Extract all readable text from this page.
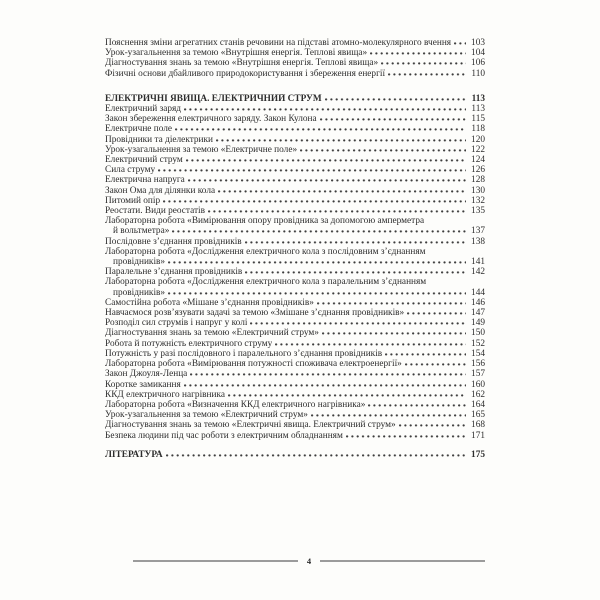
Пояснення зміни агрегатних станів речовини на підставі атомно-молекулярного вчення 103
Урок-узагальнення за темою «Внутрішня енергія. Теплові явища»	104
Діагностування знань за темою «Внутрішня енергія. Теплові явища»	106
Фізичні основи дбайливого природокористування і збереження енергії	110
ЕЛЕКТРИЧНІ ЯВИЩА. ЕЛЕКТРИЧНИЙ СТРУМ	113
Електричний заряд	113
Закон збереження електричного заряду. Закон Кулона	115
Електричне поле	118
Провідники та діелектрики	120
Урок-узагальнення за темою «Електричне поле»	122
Електричний струм	124
Сила струму	126
Електрична напруга	128
Закон Ома для ділянки кола	130
Питомий опір	132
Реостати. Види реостатів	135
Лабораторна робота «Вимірювання опору провідника за допомогою амперметра
й вольтметра»	137
Послідовне з’єднання провідників	138
Лабораторна робота «Дослідження електричного кола з послідовним з’єднанням
провідників»	141
Паралельне з’єднання провідників	142
Лабораторна робота «Дослідження електричного кола з паралельним з’єднанням
провідників»	144
Самостійна робота «Мішане з’єднання провідників»	146
Навчаємося розв’язувати задачі за темою «Змішане з’єднання провідників»	147
Розподіл сил струмів і напруг у колі	149
Діагностування знань за темою «Електричний струм»	150
Робота й потужність електричного струму	152
Потужність у разі послідовного і паралельного з’єднання провідників	154
Лабораторна робота «Вимірювання потужності споживача електроенергії»	156
Закон Джоуля-Ленца	157
Коротке замикання	160
ККД електричного нагрівника	162
Лабораторна робота «Визначення ККД електричного нагрівника»	164
Урок-узагальнення за темою «Електричний струм»	165
Діагностування знань за темою «Електричні явища. Електричний струм»	168
Безпека людини під час роботи з електричним обладнанням	171
ЛІТЕРАТУРА	175
4
